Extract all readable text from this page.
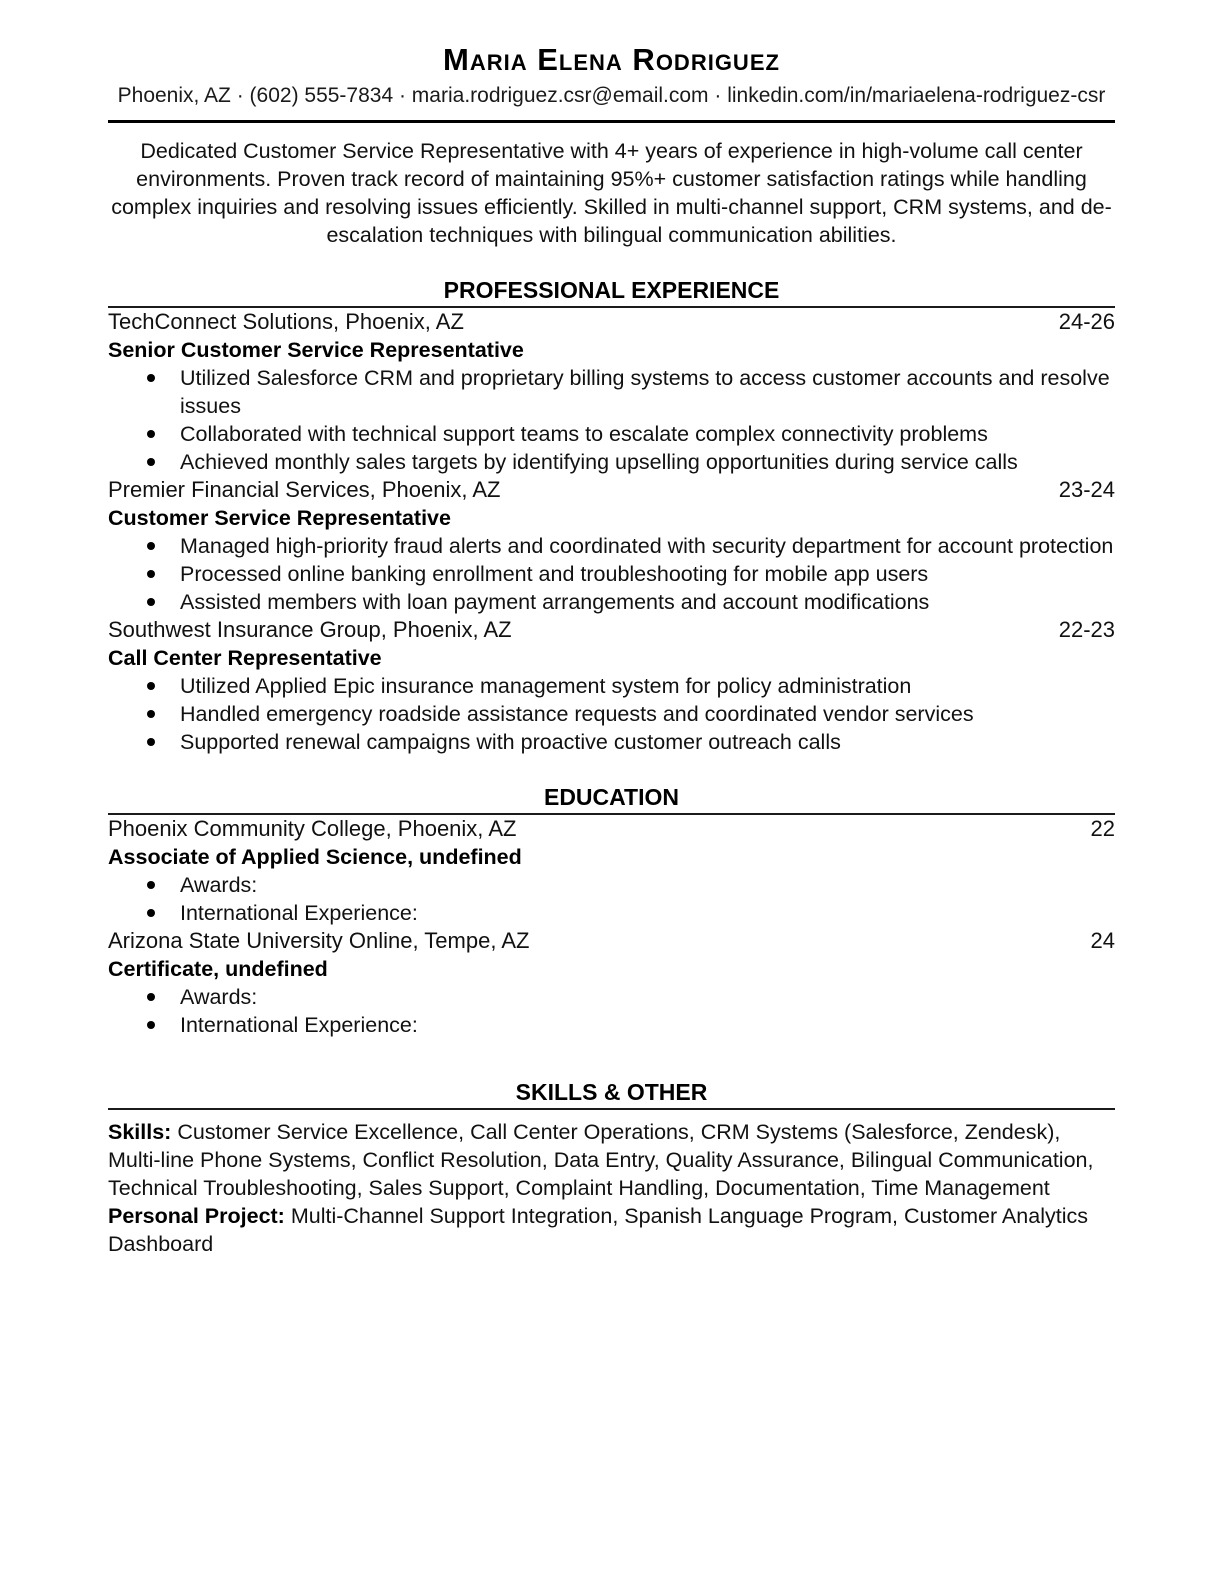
Maria Elena Rodriguez
Phoenix, AZ · (602) 555-7834 · maria.rodriguez.csr@email.com · linkedin.com/in/mariaelena-rodriguez-csr

Dedicated Customer Service Representative with 4+ years of experience in high-volume call center environments. Proven track record of maintaining 95%+ customer satisfaction ratings while handling complex inquiries and resolving issues efficiently. Skilled in multi-channel support, CRM systems, and de-escalation techniques with bilingual communication abilities.

PROFESSIONAL EXPERIENCE
TechConnect Solutions, Phoenix, AZ	24-26
Senior Customer Service Representative
Utilized Salesforce CRM and proprietary billing systems to access customer accounts and resolve issues
Collaborated with technical support teams to escalate complex connectivity problems
Achieved monthly sales targets by identifying upselling opportunities during service calls
Premier Financial Services, Phoenix, AZ	23-24
Customer Service Representative
Managed high-priority fraud alerts and coordinated with security department for account protection
Processed online banking enrollment and troubleshooting for mobile app users
Assisted members with loan payment arrangements and account modifications
Southwest Insurance Group, Phoenix, AZ	22-23
Call Center Representative
Utilized Applied Epic insurance management system for policy administration
Handled emergency roadside assistance requests and coordinated vendor services
Supported renewal campaigns with proactive customer outreach calls
EDUCATION
Phoenix Community College, Phoenix, AZ	22
Associate of Applied Science, undefined
Awards:
International Experience:
Arizona State University Online, Tempe, AZ	24
Certificate, undefined
Awards:
International Experience:
SKILLS & OTHER

Skills: Customer Service Excellence, Call Center Operations, CRM Systems (Salesforce, Zendesk), Multi-line Phone Systems, Conflict Resolution, Data Entry, Quality Assurance, Bilingual Communication, Technical Troubleshooting, Sales Support, Complaint Handling, Documentation, Time Management

Personal Project: Multi-Channel Support Integration, Spanish Language Program, Customer Analytics Dashboard
